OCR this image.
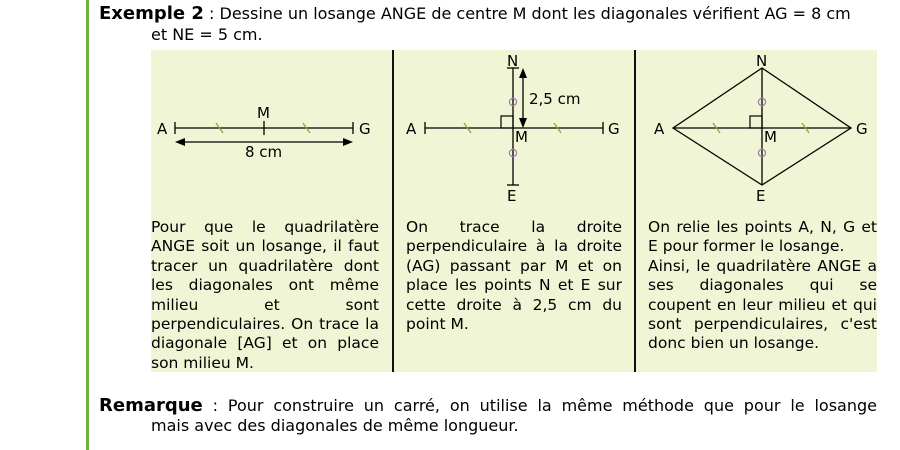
Exemple 2 : Dessine un losange ANGE de centre M dont les diagonales vérifient AG = 8 cm
et NE = 5 cm.
A	G
M
8 cm
A	G
M
N
E
2,5 cm
A	G
M
N
E
Pour que le quadrilatère ANGE soit un losange, il faut tracer un quadrilatère dont les diagonales ont même milieu et sont perpendiculaires. On trace la diagonale [AG] et on place son milieu M.
On trace la droite perpendiculaire à la droite (AG) passant par M et on place les points N et E sur cette droite à 2,5 cm du point M.
On relie les points A, N, G et E pour former le losange.
Ainsi, le quadrilatère ANGE a ses diagonales qui se coupent en leur milieu et qui sont perpendiculaires, c'est donc bien un losange.
Remarque : Pour construire un carré, on utilise la même méthode que pour le losange
mais avec des diagonales de même longueur.
